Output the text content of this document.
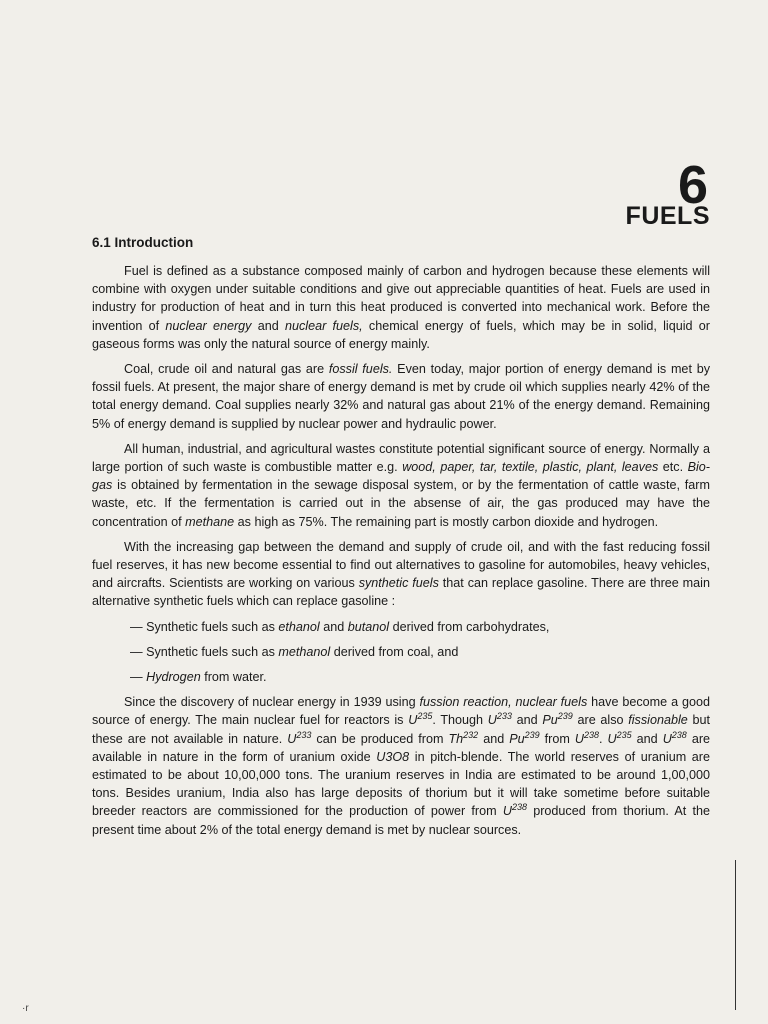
6
FUELS
6.1 Introduction

Fuel is defined as a substance composed mainly of carbon and hydrogen because these elements will combine with oxygen under suitable conditions and give out appreciable quantities of heat. Fuels are used in industry for production of heat and in turn this heat produced is converted into mechanical work. Before the invention of nuclear energy and nuclear fuels, chemical energy of fuels, which may be in solid, liquid or gaseous forms was only the natural source of energy mainly.

Coal, crude oil and natural gas are fossil fuels. Even today, major portion of energy demand is met by fossil fuels. At present, the major share of energy demand is met by crude oil which supplies nearly 42% of the total energy demand. Coal supplies nearly 32% and natural gas about 21% of the energy demand. Remaining 5% of energy demand is supplied by nuclear power and hydraulic power.

All human, industrial, and agricultural wastes constitute potential significant source of energy. Normally a large portion of such waste is combustible matter e.g. wood, paper, tar, textile, plastic, plant, leaves etc. Bio-gas is obtained by fermentation in the sewage disposal system, or by the fermentation of cattle waste, farm waste, etc. If the fermentation is carried out in the absense of air, the gas produced may have the concentration of methane as high as 75%. The remaining part is mostly carbon dioxide and hydrogen.

With the increasing gap between the demand and supply of crude oil, and with the fast reducing fossil fuel reserves, it has new become essential to find out alternatives to gasoline for automobiles, heavy vehicles, and aircrafts. Scientists are working on various synthetic fuels that can replace gasoline. There are three main alternative synthetic fuels which can replace gasoline :

— Synthetic fuels such as ethanol and butanol derived from carbohydrates,
— Synthetic fuels such as methanol derived from coal, and
— Hydrogen from water.

Since the discovery of nuclear energy in 1939 using fussion reaction, nuclear fuels have become a good source of energy. The main nuclear fuel for reactors is $U^{235}$. Though $U^{233}$ and Pu$^{239}$ are also fissionable but these are not available in nature. $U^{233}$ can be produced from Th$^{232}$ and Pu$^{239}$ from $U^{238}$. $U^{235}$ and $U^{238}$ are available in nature in the form of uranium oxide U3O8 in pitch-blende. The world reserves of uranium are estimated to be about 10,00,000 tons. The uranium reserves in India are estimated to be around 1,00,000 tons. Besides uranium, India also has large deposits of thorium but it will take sometime before suitable breeder reactors are commissioned for the production of power from $U^{238}$ produced from thorium. At the present time about 2% of the total energy demand is met by nuclear sources.

·r
